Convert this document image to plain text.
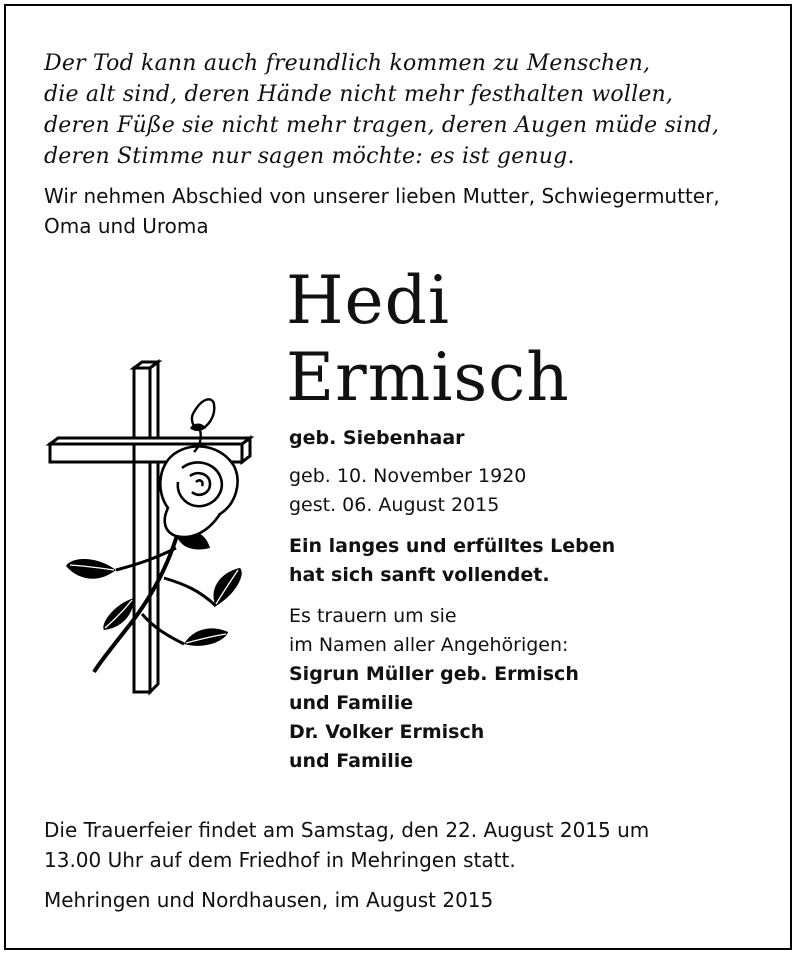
Der Tod kann auch freundlich kommen zu Menschen,
die alt sind, deren Hände nicht mehr festhalten wollen,
deren Füße sie nicht mehr tragen, deren Augen müde sind,
deren Stimme nur sagen möchte: es ist genug.
Wir nehmen Abschied von unserer lieben Mutter, Schwiegermutter,
Oma und Uroma
Hedi
Ermisch
geb. Siebenhaar
geb. 10. November 1920
gest. 06. August 2015
Ein langes und erfülltes Leben
hat sich sanft vollendet.
Es trauern um sie
im Namen aller Angehörigen:
Sigrun Müller geb. Ermisch
und Familie
Dr. Volker Ermisch
und Familie
Die Trauerfeier findet am Samstag, den 22. August 2015 um
13.00 Uhr auf dem Friedhof in Mehringen statt.
Mehringen und Nordhausen, im August 2015
